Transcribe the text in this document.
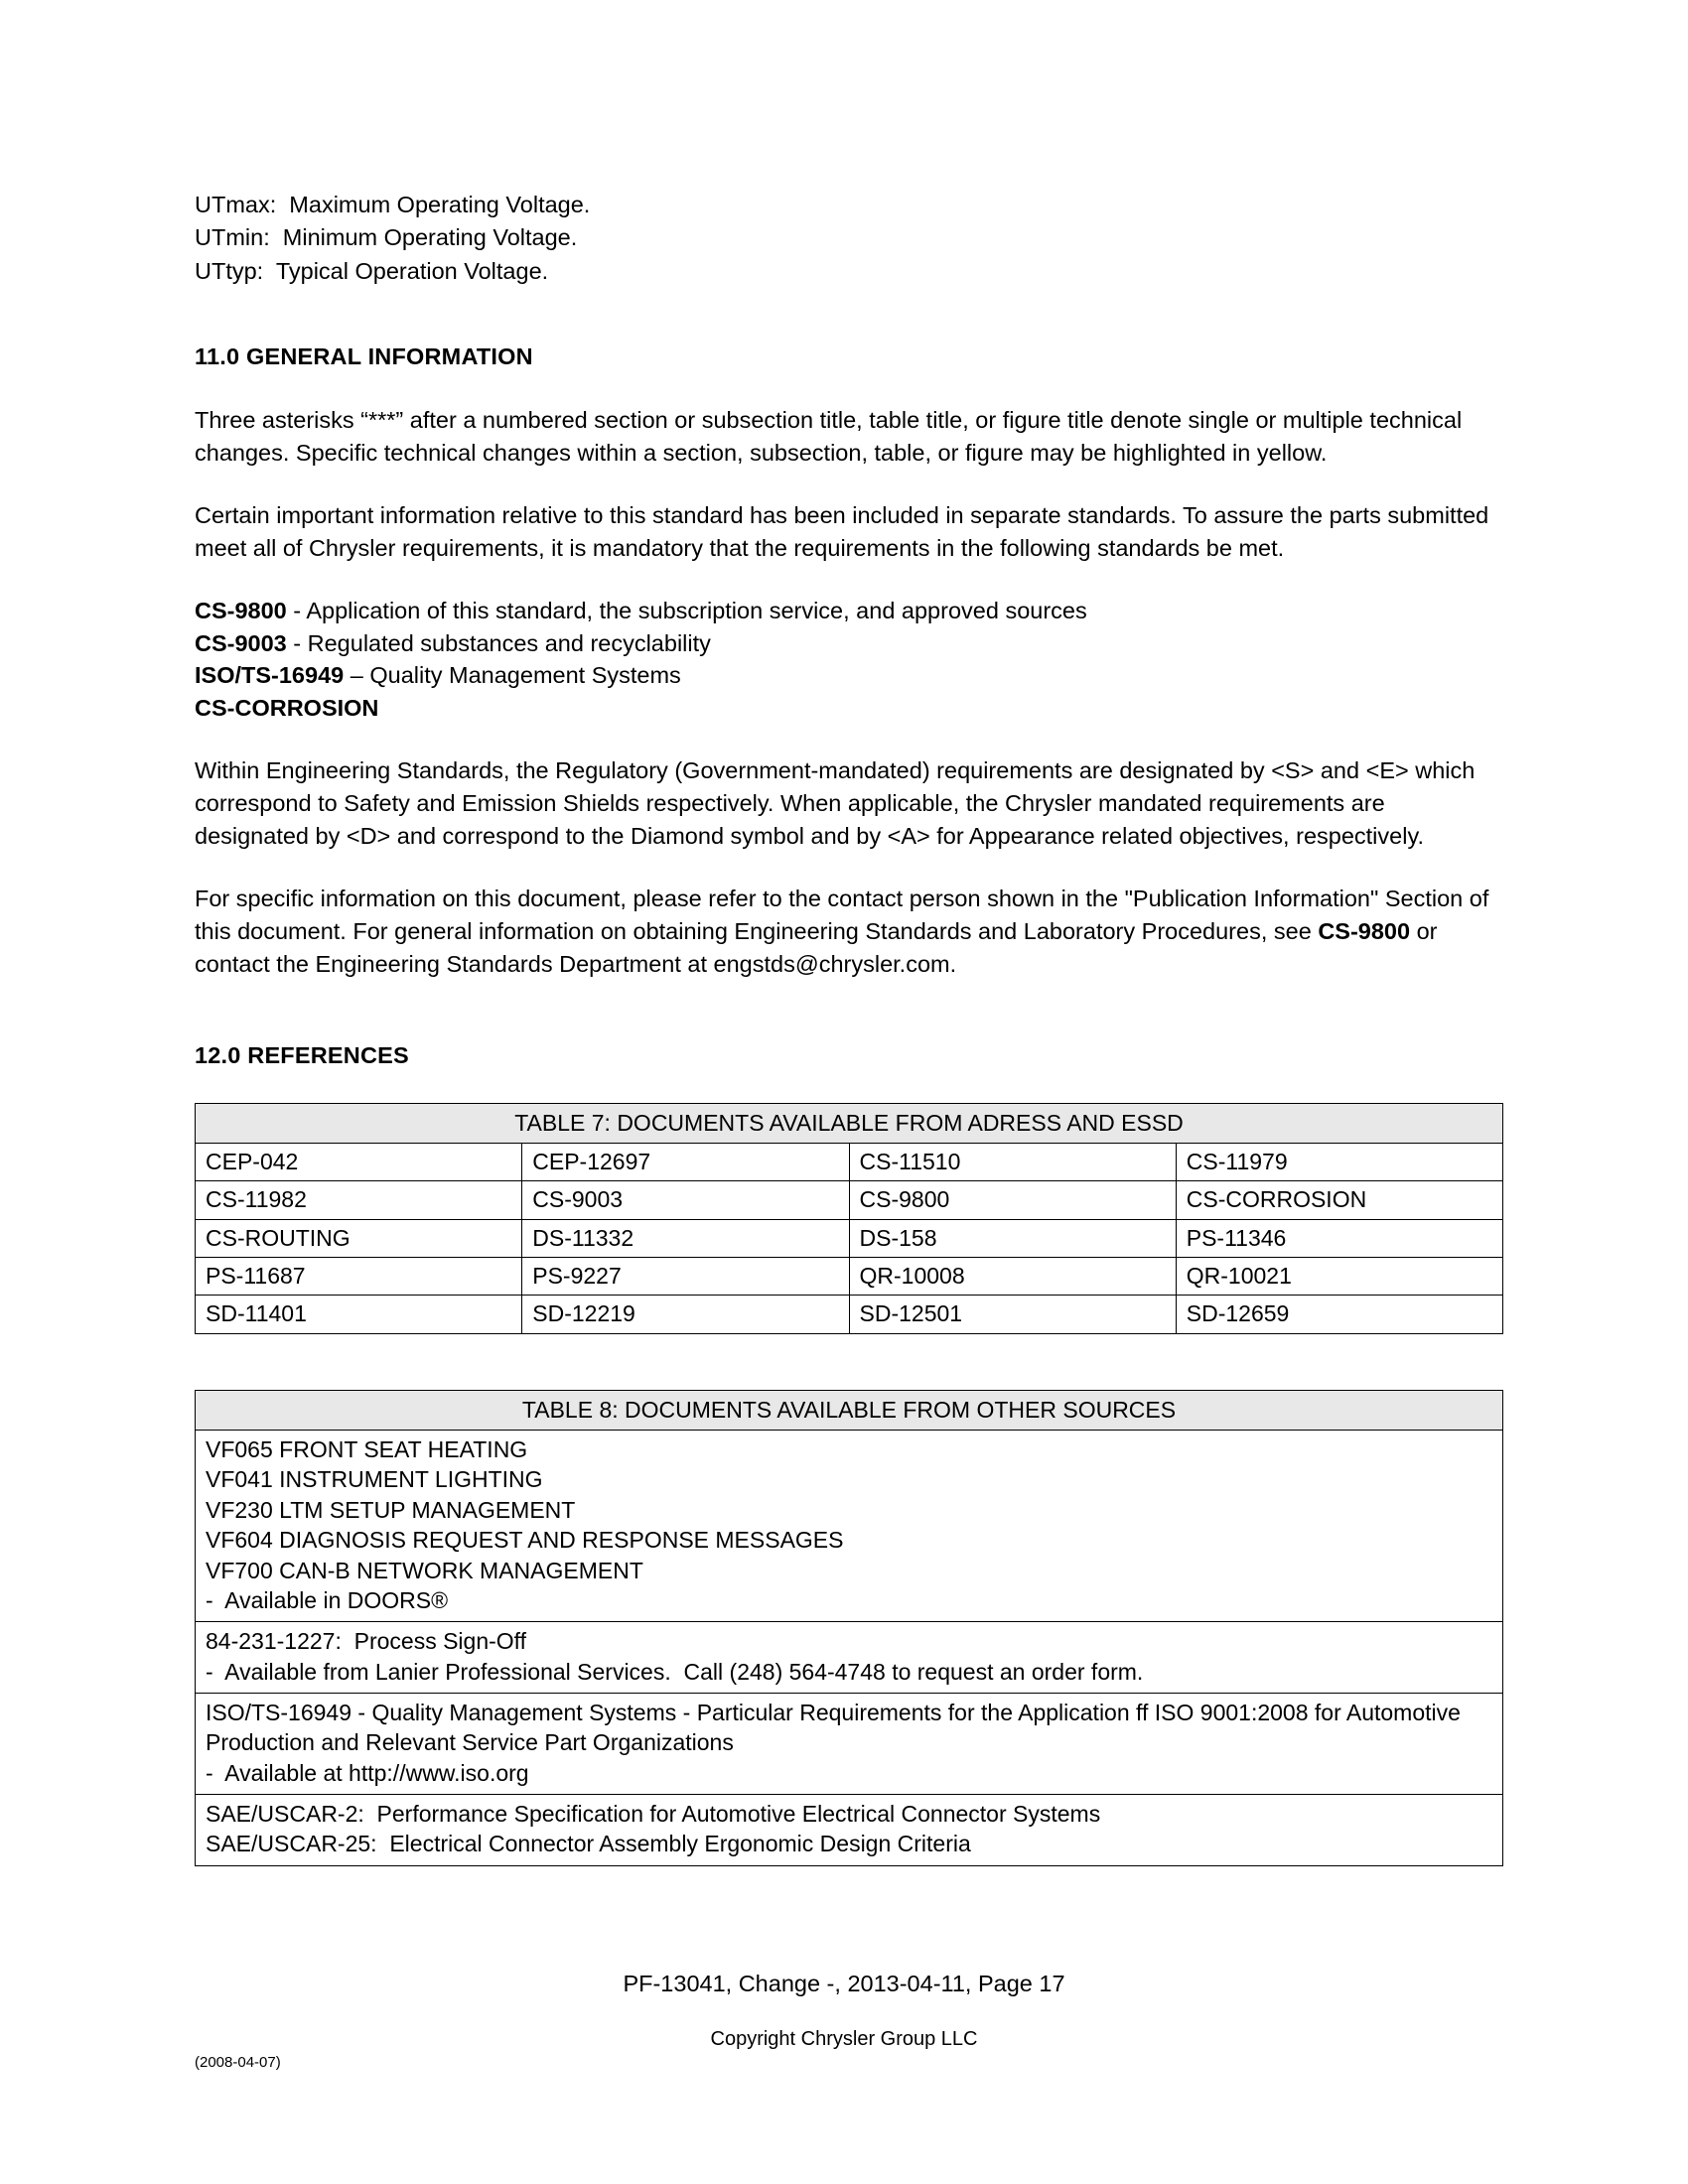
UTmax:  Maximum Operating Voltage.
UTmin:  Minimum Operating Voltage.
UTtyp:  Typical Operation Voltage.
11.0 GENERAL INFORMATION

Three asterisks “***” after a numbered section or subsection title, table title, or figure title denote single or multiple technical changes. Specific technical changes within a section, subsection, table, or figure may be highlighted in yellow.

Certain important information relative to this standard has been included in separate standards. To assure the parts submitted meet all of Chrysler requirements, it is mandatory that the requirements in the following standards be met.

CS-9800 - Application of this standard, the subscription service, and approved sources
CS-9003 - Regulated substances and recyclability
ISO/TS-16949 – Quality Management Systems
CS-CORROSION

Within Engineering Standards, the Regulatory (Government-mandated) requirements are designated by <S> and <E> which correspond to Safety and Emission Shields respectively. When applicable, the Chrysler mandated requirements are designated by <D> and correspond to the Diamond symbol and by <A> for Appearance related objectives, respectively.

For specific information on this document, please refer to the contact person shown in the "Publication Information" Section of this document. For general information on obtaining Engineering Standards and Laboratory Procedures, see CS-9800 or contact the Engineering Standards Department at engstds@chrysler.com.

12.0 REFERENCES
TABLE 7: DOCUMENTS AVAILABLE FROM ADRESS AND ESSD			
CEP-042	CEP-12697	CS-11510	CS-11979
CS-11982	CS-9003	CS-9800	CS-CORROSION
CS-ROUTING	DS-11332	DS-158	PS-11346
PS-11687	PS-9227	QR-10008	QR-10021
SD-11401	SD-12219	SD-12501	SD-12659
TABLE 8: DOCUMENTS AVAILABLE FROM OTHER SOURCES

VF065 FRONT SEAT HEATING
VF041 INSTRUMENT LIGHTING
VF230 LTM SETUP MANAGEMENT
VF604 DIAGNOSIS REQUEST AND RESPONSE MESSAGES
VF700 CAN-B NETWORK MANAGEMENT
-  Available in DOORS®

84-231-1227:  Process Sign-Off
-  Available from Lanier Professional Services.  Call (248) 564-4748 to request an order form.

ISO/TS-16949 - Quality Management Systems - Particular Requirements for the Application ff ISO 9001:2008 for Automotive Production and Relevant Service Part Organizations
-  Available at http://www.iso.org

SAE/USCAR-2:  Performance Specification for Automotive Electrical Connector Systems
SAE/USCAR-25:  Electrical Connector Assembly Ergonomic Design Criteria
PF-13041, Change -, 2013-04-11, Page 17
Copyright Chrysler Group LLC
(2008-04-07)
